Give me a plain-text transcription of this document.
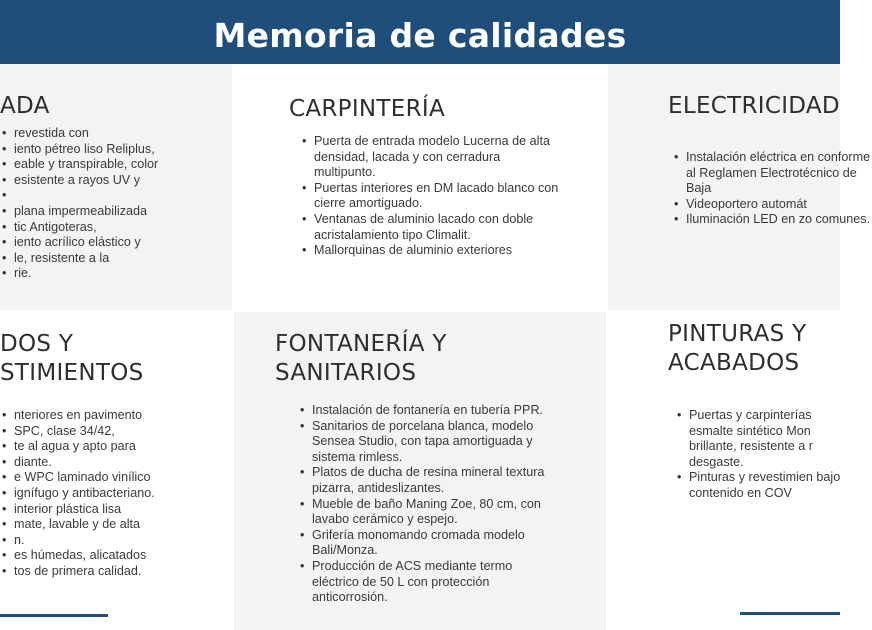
Memoria de calidades
ADA
• revestida con
• iento pétreo liso Reliplus,
• eable y transpirable, color
• esistente a rayos UV y
•
• plana impermeabilizada
• tic Antigoteras,
• iento acrílico elástico y
• le, resistente a la
• rie.
CARPINTERÍA
• Puerta de entrada modelo Lucerna de alta densidad, lacada y con cerradura multipunto.
• Puertas interiores en DM lacado blanco con cierre amortiguado.
• Ventanas de aluminio lacado con doble acristalamiento tipo Climalit.
• Mallorquinas de aluminio exteriores
ELECTRICIDAD
• Instalación eléctrica en conforme al Reglamen Electrotécnico de Baja
• Videoportero automát
• Iluminación LED en zo comunes.
DOS Y
STIMIENTOS
• nteriores en pavimento
• SPC, clase 34/42,
• te al agua y apto para
• diante.
• e WPC laminado vinílico
• ignífugo y antibacteriano.
• interior plástica lisa
• mate, lavable y de alta
• n.
• es húmedas, alicatados
• tos de primera calidad.
FONTANERÍA Y
SANITARIOS
• Instalación de fontanería en tubería PPR.
• Sanitarios de porcelana blanca, modelo Sensea Studio, con tapa amortiguada y sistema rimless.
• Platos de ducha de resina mineral textura pizarra, antideslizantes.
• Mueble de baño Maning Zoe, 80 cm, con lavabo cerámico y espejo.
• Grifería monomando cromada modelo Bali/Monza.
• Producción de ACS mediante termo eléctrico de 50 L con protección anticorrosión.
PINTURAS Y
ACABADOS
• Puertas y carpinterías esmalte sintético Mon brillante, resistente a r desgaste.
• Pinturas y revestimien bajo contenido en COV
